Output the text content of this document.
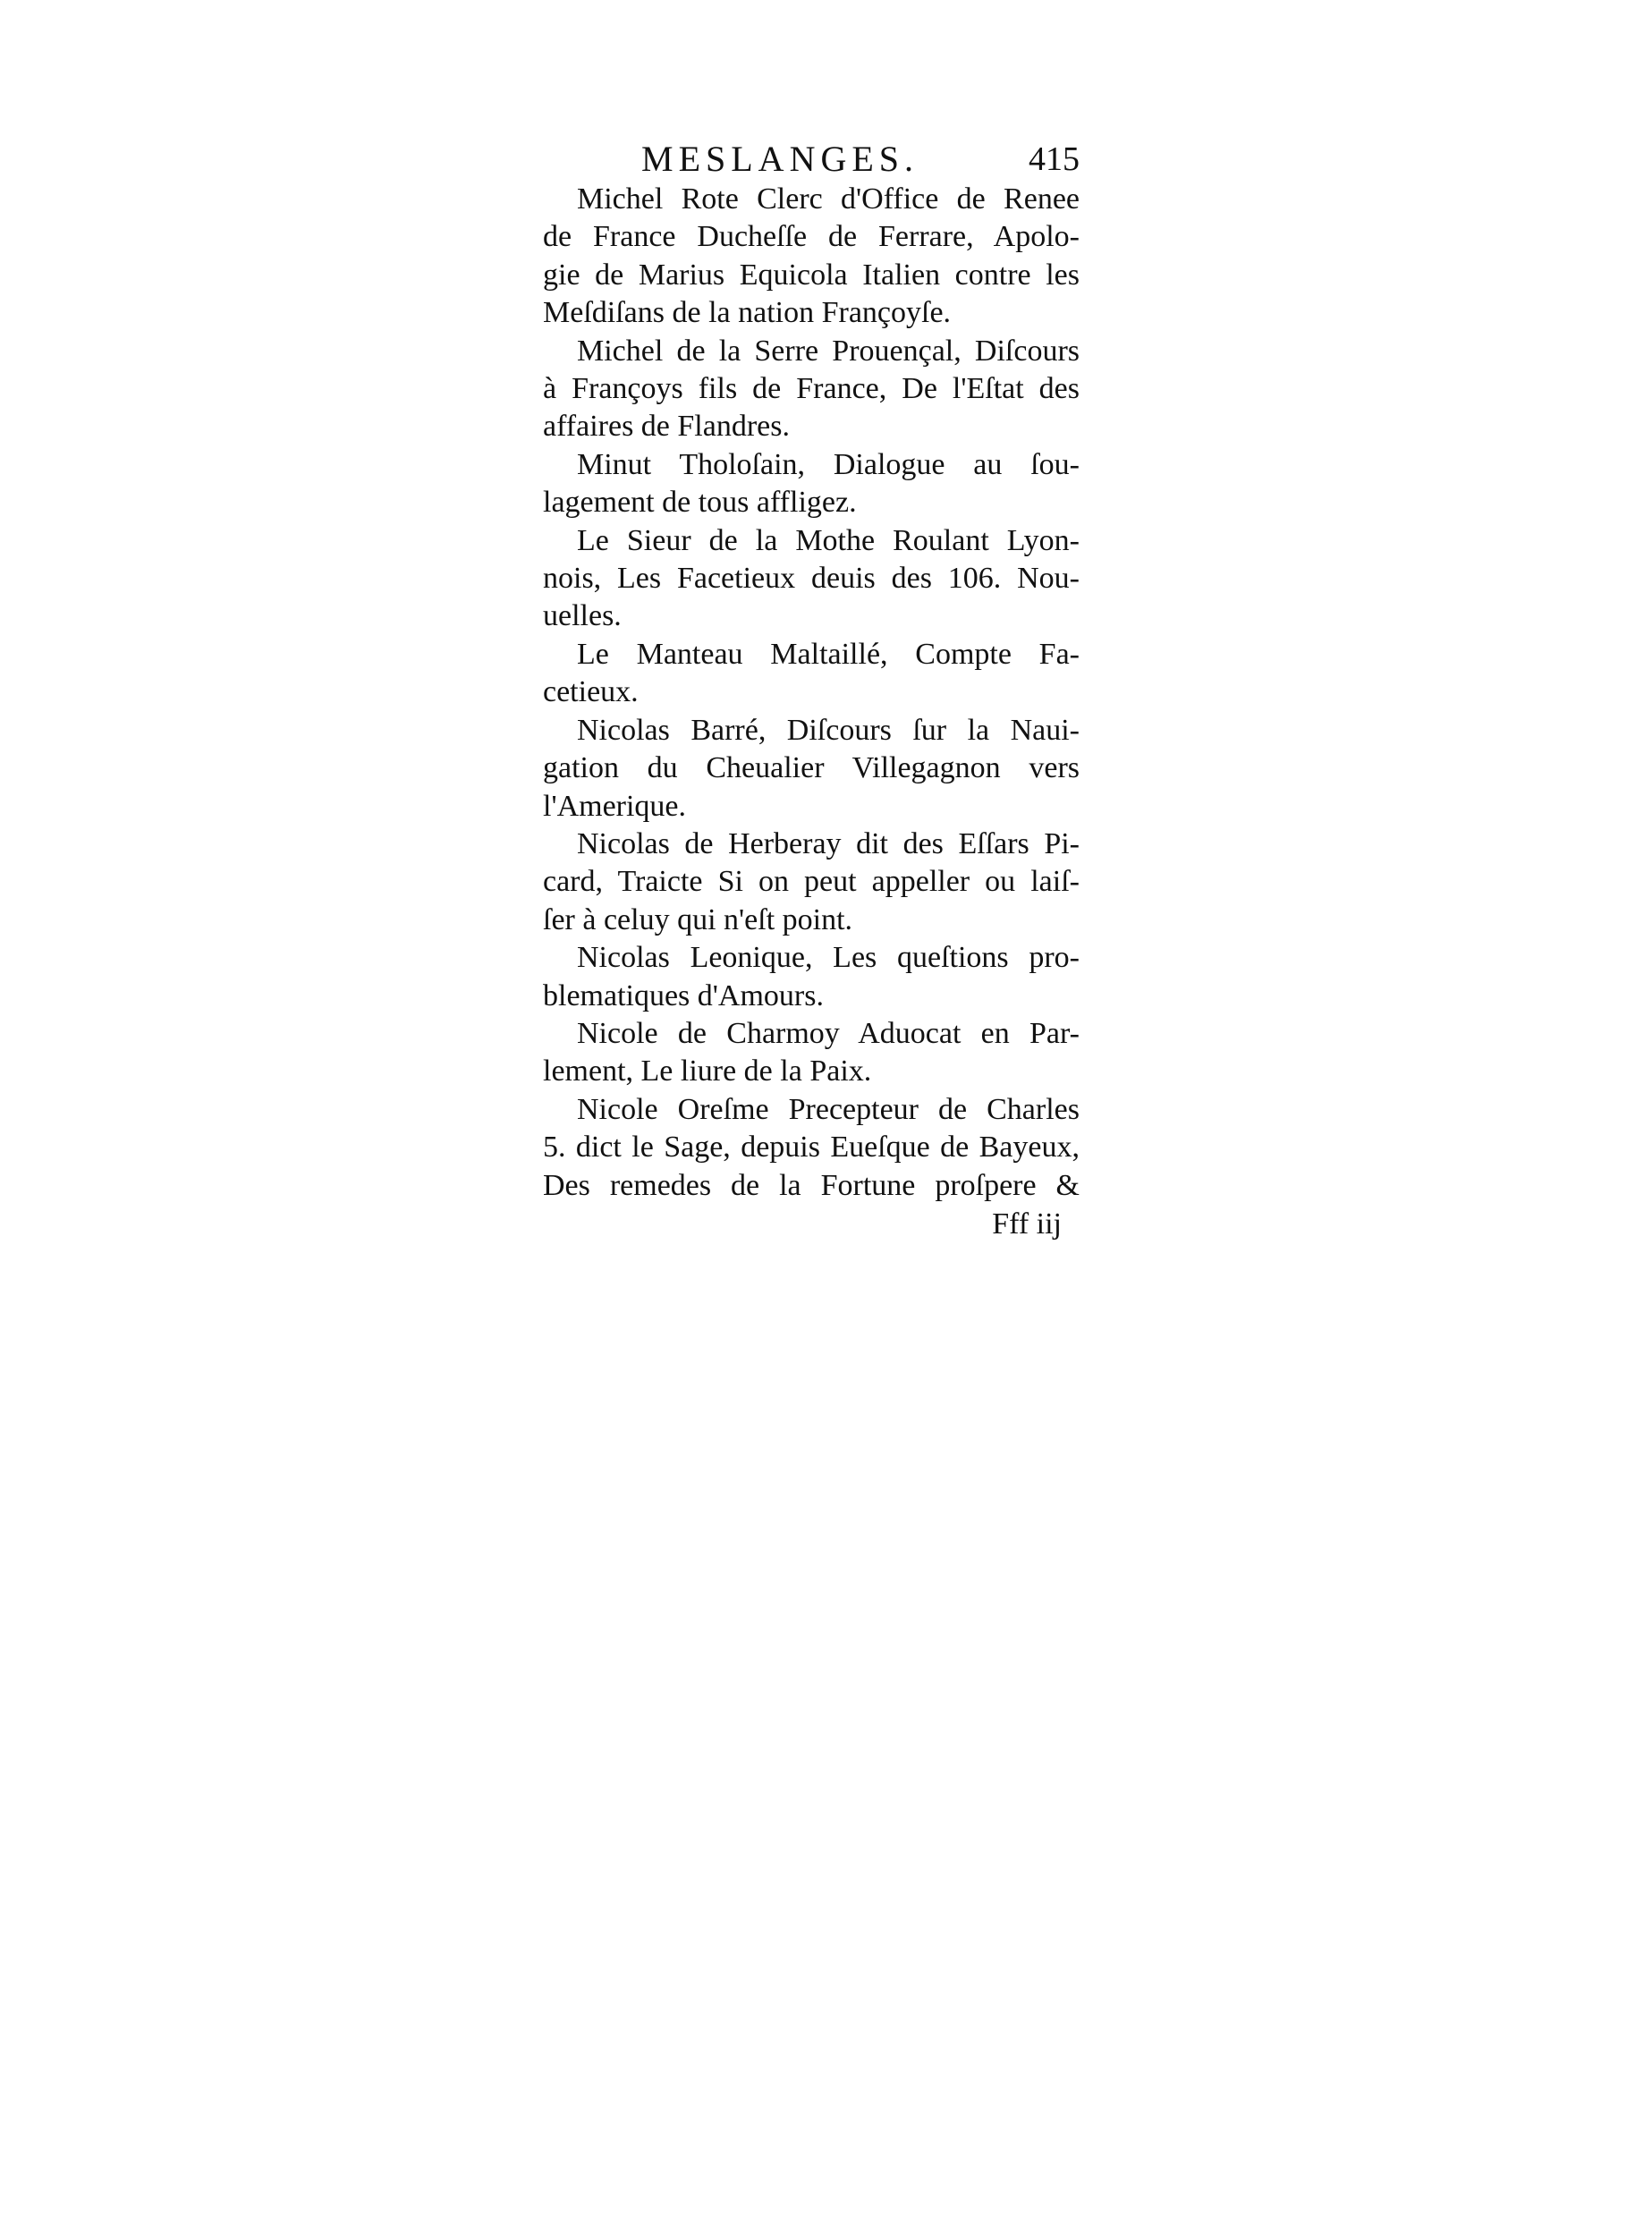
MESLANGES.	415
Michel Rote Clerc d'Office de Renee
de France Ducheſſe de Ferrare, Apolo-
gie de Marius Equicola Italien contre les
Meſdiſans de la nation Françoyſe.
Michel de la Serre Prouençal, Diſcours
à Françoys fils de France, De l'Eſtat des
affaires de Flandres.
Minut Tholoſain, Dialogue au ſou-
lagement de tous affligez.
Le Sieur de la Mothe Roulant Lyon-
nois, Les Facetieux deuis des 106. Nou-
uelles.
Le Manteau Maltaillé, Compte Fa-
cetieux.
Nicolas Barré, Diſcours ſur la Naui-
gation du Cheualier Villegagnon vers
l'Amerique.
Nicolas de Herberay dit des Eſſars Pi-
card, Traicte Si on peut appeller ou laiſ-
ſer à celuy qui n'eſt point.
Nicolas Leonique, Les queſtions pro-
blematiques d'Amours.
Nicole de Charmoy Aduocat en Par-
lement, Le liure de la Paix.
Nicole Oreſme Precepteur de Charles
5. dict le Sage, depuis Eueſque de Bayeux,
Des remedes de la Fortune proſpere &
Fff iij
